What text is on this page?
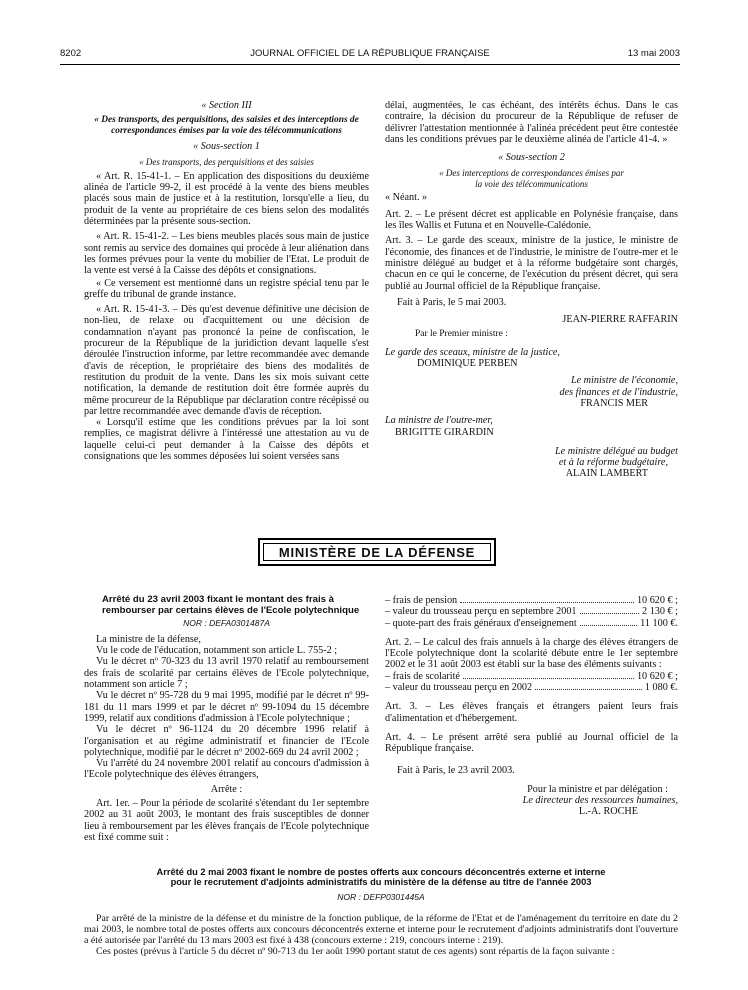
8202	JOURNAL OFFICIEL DE LA RÉPUBLIQUE FRANÇAISE	13 mai 2003

« Section III

« Des transports, des perquisitions, des saisies et des interceptions de correspondances émises par la voie des télécommunications

« Sous-section 1

« Des transports, des perquisitions et des saisies

« Art. R. 15-41-1. – En application des dispositions du deuxième alinéa de l'article 99-2, il est procédé à la vente des biens meubles placés sous main de justice et à la restitution, lorsqu'elle a lieu, du produit de la vente au propriétaire de ces biens selon des modalités déterminées par la présente sous-section.

« Art. R. 15-41-2. – Les biens meubles placés sous main de justice sont remis au service des domaines qui procède à leur aliénation dans les formes prévues pour la vente du mobilier de l'Etat. Le produit de la vente est versé à la Caisse des dépôts et consignations.

« Ce versement est mentionné dans un registre spécial tenu par le greffe du tribunal de grande instance.

« Art. R. 15-41-3. – Dès qu'est devenue définitive une décision de non-lieu, de relaxe ou d'acquittement ou une décision de condamnation n'ayant pas prononcé la peine de confiscation, le procureur de la République de la juridiction devant laquelle s'est déroulée l'instruction informe, par lettre recommandée avec demande d'avis de réception, le propriétaire des biens des modalités de restitution du produit de la vente. Dans les six mois suivant cette notification, la demande de restitution doit être formée auprès du même procureur de la République par déclaration contre récépissé ou par lettre recommandée avec demande d'avis de réception.

« Lorsqu'il estime que les conditions prévues par la loi sont remplies, ce magistrat délivre à l'intéressé une attestation au vu de laquelle celui-ci peut demander à la Caisse des dépôts et consignations que les sommes déposées lui soient versées sans

délai, augmentées, le cas échéant, des intérêts échus. Dans le cas contraire, la décision du procureur de la République de refuser de délivrer l'attestation mentionnée à l'alinéa précédent peut être contestée dans les conditions prévues par le deuxième alinéa de l'article 41-4. »

« Sous-section 2

« Des interceptions de correspondances émises par la voie des télécommunications

« Néant. »

Art. 2. – Le présent décret est applicable en Polynésie française, dans les îles Wallis et Futuna et en Nouvelle-Calédonie.

Art. 3. – Le garde des sceaux, ministre de la justice, le ministre de l'économie, des finances et de l'industrie, le ministre de l'outre-mer et le ministre délégué au budget et à la réforme budgétaire sont chargés, chacun en ce qui le concerne, de l'exécution du présent décret, qui sera publié au Journal officiel de la République française.

Fait à Paris, le 5 mai 2003.

JEAN-PIERRE RAFFARIN

Par le Premier ministre :

Le garde des sceaux, ministre de la justice,

DOMINIQUE PERBEN

Le ministre de l'économie,

des finances et de l'industrie,

FRANCIS MER

La ministre de l'outre-mer,

BRIGITTE GIRARDIN

Le ministre délégué au budget

et à la réforme budgétaire,

ALAIN LAMBERT

MINISTÈRE DE LA DÉFENSE

Arrêté du 23 avril 2003 fixant le montant des frais à rembourser par certains élèves de l'Ecole polytechnique

NOR : DEFA0301487A

La ministre de la défense,

Vu le code de l'éducation, notamment son article L. 755-2 ;

Vu le décret nº 70-323 du 13 avril 1970 relatif au remboursement des frais de scolarité par certains élèves de l'Ecole polytechnique, notamment son article 7 ;

Vu le décret nº 95-728 du 9 mai 1995, modifié par le décret nº 99-181 du 11 mars 1999 et par le décret nº 99-1094 du 15 décembre 1999, relatif aux conditions d'admission à l'Ecole polytechnique ;

Vu le décret nº 96-1124 du 20 décembre 1996 relatif à l'organisation et au régime administratif et financier de l'Ecole polytechnique, modifié par le décret nº 2002-669 du 24 avril 2002 ;

Vu l'arrêté du 24 novembre 2001 relatif au concours d'admission à l'Ecole polytechnique des élèves étrangers,

Arrête :

Art. 1er. – Pour la période de scolarité s'étendant du 1er septembre 2002 au 31 août 2003, le montant des frais susceptibles de donner lieu à remboursement par les élèves français de l'Ecole polytechnique est fixé comme suit :

– frais de pension	10 620 € ;
– valeur du trousseau perçu en septembre 2001	2 130 € ;
– quote-part des frais généraux d'enseignement	11 100 €.

Art. 2. – Le calcul des frais annuels à la charge des élèves étrangers de l'Ecole polytechnique dont la scolarité débute entre le 1er septembre 2002 et le 31 août 2003 est établi sur la base des éléments suivants :

– frais de scolarité	10 620 € ;
– valeur du trousseau perçu en 2002	1 080 €.

Art. 3. – Les élèves français et étrangers paient leurs frais d'alimentation et d'hébergement.

Art. 4. – Le présent arrêté sera publié au Journal officiel de la République française.

Fait à Paris, le 23 avril 2003.

Pour la ministre et par délégation :

Le directeur des ressources humaines,

L.-A. ROCHE

Arrêté du 2 mai 2003 fixant le nombre de postes offerts aux concours déconcentrés externe et interne

pour le recrutement d'adjoints administratifs du ministère de la défense au titre de l'année 2003

NOR : DEFP0301445A

Par arrêté de la ministre de la défense et du ministre de la fonction publique, de la réforme de l'Etat et de l'aménagement du territoire en date du 2 mai 2003, le nombre total de postes offerts aux concours déconcentrés externe et interne pour le recrutement d'adjoints administratifs dont l'ouverture a été autorisée par l'arrêté du 13 mars 2003 est fixé à 438 (concours externe : 219, concours interne : 219).

Ces postes (prévus à l'article 5 du décret nº 90-713 du 1er août 1990 portant statut de ces agents) sont répartis de la façon suivante :
